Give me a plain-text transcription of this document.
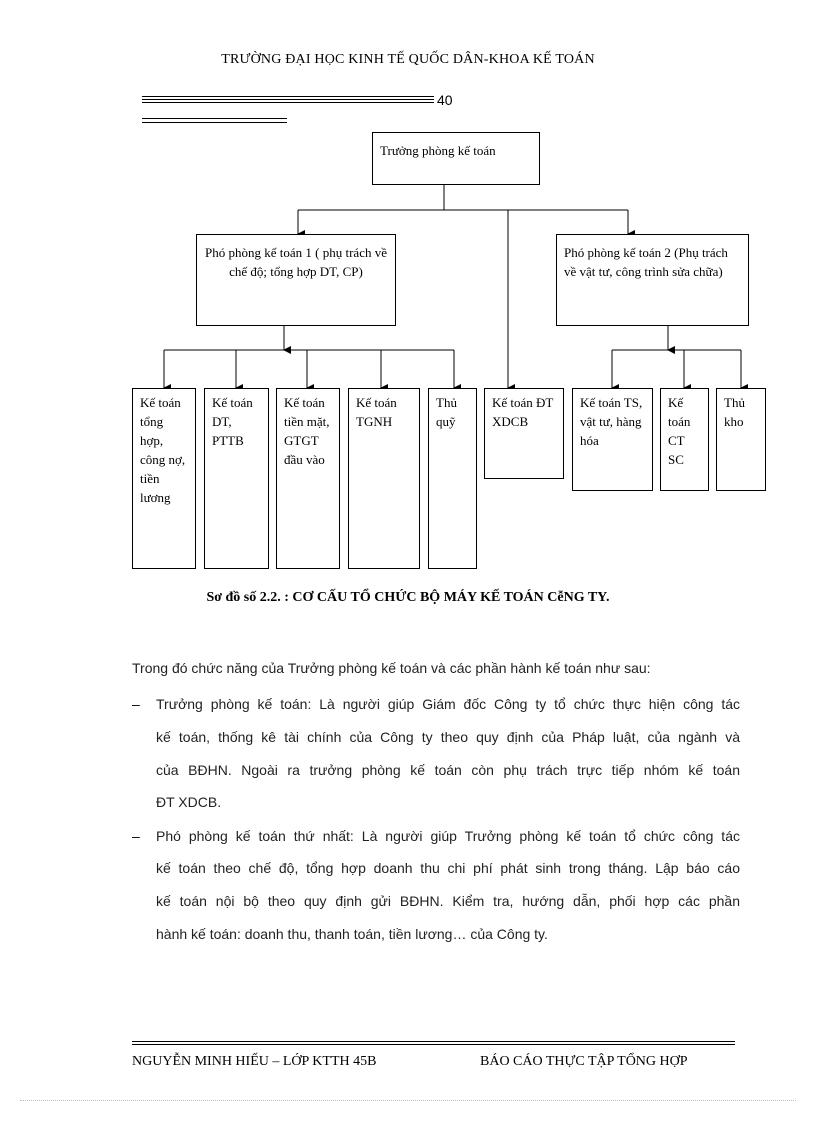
TRƯỜNG ĐẠI HỌC KINH TẾ QUỐC DÂN-KHOA KẾ TOÁN
40
Trưởng phòng kế toán
Phó phòng kế toán 1 ( phụ trách về chế độ; tổng hợp DT, CP)
Phó phòng kế toán 2 (Phụ trách về vật tư, công trình sửa chữa)
Kế toán tổng hợp, công nợ, tiền lương
Kế toán DT, PTTB
Kế toán tiền mặt, GTGT đầu vào
Kế toán TGNH
Thủ quỹ
Kế toán ĐT XDCB
Kế toán TS, vật tư, hàng hóa
Kế toán CT SC
Thủ kho
Sơ đồ số 2.2. : CƠ CẤU TỔ CHỨC BỘ MÁY KẾ TOÁN CễNG TY.
Trong đó chức năng của Trưởng phòng kế toán và các phần hành kế toán như sau:
– Trưởng phòng kế toán: Là người giúp Giám đốc Công ty tổ chức thực hiện công tác
kế toán, thống kê tài chính của Công ty theo quy định của Pháp luật, của ngành và
của BĐHN. Ngoài ra trưởng phòng kế toán còn phụ trách trực tiếp nhóm kế toán
ĐT XDCB.
– Phó phòng kế toán thứ nhất: Là người giúp Trưởng phòng kế toán tổ chức công tác
kế toán theo chế độ, tổng hợp doanh thu chi phí phát sinh trong tháng. Lập báo cáo
kế toán nội bộ theo quy định gửi BĐHN. Kiểm tra, hướng dẫn, phối hợp các phần
hành kế toán: doanh thu, thanh toán, tiền lương… của Công ty.
NGUYỄN MINH HIẾU – LỚP KTTH 45B	BÁO CÁO THỰC TẬP TỔNG HỢP
